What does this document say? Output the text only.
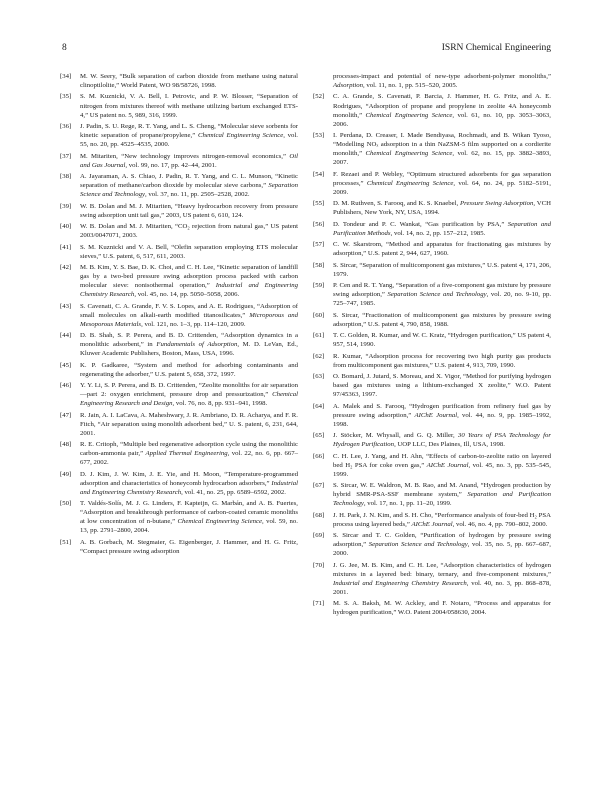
8	ISRN Chemical Engineering
[34] M. W. Seery, “Bulk separation of carbon dioxide from methane using natural clinoptilolite,” World Patent, WO 98/58726, 1998.
[35] S. M. Kuznicki, V. A. Bell, I. Petrovic, and P. W. Blosser, “Separation of nitrogen from mixtures thereof with methane utilizing barium exchanged ETS-4,” US patent no. 5, 989, 316, 1999.
[36] J. Padin, S. U. Rege, R. T. Yang, and L. S. Cheng, “Molecular sieve sorbents for kinetic separation of propane/propylene,” Chemical Engineering Science, vol. 55, no. 20, pp. 4525–4535, 2000.
[37] M. Mitariten, “New technology improves nitrogen-removal economics,” Oil and Gas Journal, vol. 99, no. 17, pp. 42–44, 2001.
[38] A. Jayaraman, A. S. Chiao, J. Padin, R. T. Yang, and C. L. Munson, “Kinetic separation of methane/carbon dioxide by molecular sieve carbons,” Separation Science and Technology, vol. 37, no. 11, pp. 2505–2528, 2002.
[39] W. B. Dolan and M. J. Mitariten, “Heavy hydrocarbon recovery from pressure swing adsorption unit tail gas,” 2003, US patent 6, 610, 124.
[40] W. B. Dolan and M. J. Mitariten, “CO₂ rejection from natural gas,” US patent 2003/0047071, 2003.
[41] S. M. Kuznicki and V. A. Bell, “Olefin separation employing ETS molecular sieves,” U.S. patent, 6, 517, 611, 2003.
[42] M. B. Kim, Y. S. Bae, D. K. Choi, and C. H. Lee, “Kinetic separation of landfill gas by a two-bed pressure swing adsorption process packed with carbon molecular sieve: nonisothermal operation,” Industrial and Engineering Chemistry Research, vol. 45, no. 14, pp. 5050–5058, 2006.
[43] S. Cavenati, C. A. Grande, F. V. S. Lopes, and A. E. Rodrigues, “Adsorption of small molecules on alkali-earth modified titanosilicates,” Microporous and Mesoporous Materials, vol. 121, no. 1–3, pp. 114–120, 2009.
[44] D. B. Shah, S. P. Perera, and B. D. Crittenden, “Adsorption dynamics in a monolithic adsorbent,” in Fundamentals of Adsorption, M. D. LeVan, Ed., Kluwer Academic Publishers, Boston, Mass, USA, 1996.
[45] K. P. Gadkaree, “System and method for adsorbing contaminants and regenerating the adsorber,” U.S. patent 5, 658, 372, 1997.
[46] Y. Y. Li, S. P. Perera, and B. D. Crittenden, “Zeolite monoliths for air separation—part 2: oxygen enrichment, pressure drop and pressurization,” Chemical Engineering Research and Design, vol. 76, no. 8, pp. 931–941, 1998.
[47] R. Jain, A. I. LaCava, A. Maheshwary, J. R. Ambriano, D. R. Acharya, and F. R. Fitch, “Air separation using monolith adsorbent bed,” U. S. patent, 6, 231, 644, 2001.
[48] R. E. Critoph, “Multiple bed regenerative adsorption cycle using the monolithic carbon-ammonia pair,” Applied Thermal Engineering, vol. 22, no. 6, pp. 667–677, 2002.
[49] D. J. Kim, J. W. Kim, J. E. Yie, and H. Moon, “Temperature-programmed adsorption and characteristics of honeycomb hydrocarbon adsorbers,” Industrial and Engineering Chemistry Research, vol. 41, no. 25, pp. 6589–6592, 2002.
[50] T. Valdés-Solís, M. J. G. Linders, F. Kapteijn, G. Marbán, and A. B. Fuertes, “Adsorption and breakthrough performance of carbon-coated ceramic monoliths at low concentration of n-butane,” Chemical Engineering Science, vol. 59, no. 13, pp. 2791–2800, 2004.
[51] A. B. Gorbach, M. Stegmaier, G. Eigenberger, J. Hammer, and H. G. Fritz, “Compact pressure swing adsorption
processes-impact and potential of new-type adsorbent-polymer monoliths,” Adsorption, vol. 11, no. 1, pp. 515–520, 2005.
[52] C. A. Grande, S. Cavenati, P. Barcia, J. Hammer, H. G. Fritz, and A. E. Rodrigues, “Adsorption of propane and propylene in zeolite 4A honeycomb monolith,” Chemical Engineering Science, vol. 61, no. 10, pp. 3053–3063, 2006.
[53] I. Perdana, D. Creaser, I. Made Bendiyasa, Rochmadi, and B. Wikan Tyoso, “Modelling NOₓ adsorption in a thin NaZSM-5 film supported on a cordierite monolith,” Chemical Engineering Science, vol. 62, no. 15, pp. 3882–3893, 2007.
[54] F. Rezaei and P. Webley, “Optimum structured adsorbents for gas separation processes,” Chemical Engineering Science, vol. 64, no. 24, pp. 5182–5191, 2009.
[55] D. M. Ruthven, S. Farooq, and K. S. Knaebel, Pressure Swing Adsorption, VCH Publishers, New York, NY, USA, 1994.
[56] D. Tondeur and P. C. Wankat, “Gas purification by PSA,” Separation and Purification Methods, vol. 14, no. 2, pp. 157–212, 1985.
[57] C. W. Skarstrom, “Method and apparatus for fractionating gas mixtures by adsorption,” U.S. patent 2, 944, 627, 1960.
[58] S. Sircar, “Separation of multicomponent gas mixtures,” U.S. patent 4, 171, 206, 1979.
[59] P. Cen and R. T. Yang, “Separation of a five-component gas mixture by pressure swing adsorption,” Separation Science and Technology, vol. 20, no. 9-10, pp. 725–747, 1985.
[60] S. Sircar, “Fractionation of multicomponent gas mixtures by pressure swing adsorption,” U.S. patent 4, 790, 858, 1988.
[61] T. C. Golden, R. Kumar, and W. C. Kratz, “Hydrogen purification,” US patent 4, 957, 514, 1990.
[62] R. Kumar, “Adsorption process for recovering two high purity gas products from multicomponent gas mixtures,” U.S. patent 4, 913, 709, 1990.
[63] O. Bomard, J. Jutard, S. Moreau, and X. Vigor, “Method for purifying hydrogen based gas mixtures using a lithium-exchanged X zeolite,” W.O. Patent 97/45363, 1997.
[64] A. Malek and S. Farooq, “Hydrogen purification from refinery fuel gas by pressure swing adsorption,” AIChE Journal, vol. 44, no. 9, pp. 1985–1992, 1998.
[65] J. Stöcker, M. Whysall, and G. Q. Miller, 30 Years of PSA Technology for Hydrogen Purification, UOP LLC, Des Plaines, Ill, USA, 1998.
[66] C. H. Lee, J. Yang, and H. Ahn, “Effects of carbon-to-zeolite ratio on layered bed H₂ PSA for coke oven gas,” AIChE Journal, vol. 45, no. 3, pp. 535–545, 1999.
[67] S. Sircar, W. E. Waldron, M. B. Rao, and M. Anand, “Hydrogen production by hybrid SMR-PSA-SSF membrane system,” Separation and Purification Technology, vol. 17, no. 1, pp. 11–20, 1999.
[68] J. H. Park, J. N. Kim, and S. H. Cho, “Performance analysis of four-bed H₂ PSA process using layered beds,” AIChE Journal, vol. 46, no. 4, pp. 790–802, 2000.
[69] S. Sircar and T. C. Golden, “Purification of hydrogen by pressure swing adsorption,” Separation Science and Technology, vol. 35, no. 5, pp. 667–687, 2000.
[70] J. G. Jee, M. B. Kim, and C. H. Lee, “Adsorption characteristics of hydrogen mixtures in a layered bed: binary, ternary, and five-component mixtures,” Industrial and Engineering Chemistry Research, vol. 40, no. 3, pp. 868–878, 2001.
[71] M. S. A. Baksh, M. W. Ackley, and F. Notaro, “Process and apparatus for hydrogen purification,” W.O. Patent 2004/058630, 2004.
